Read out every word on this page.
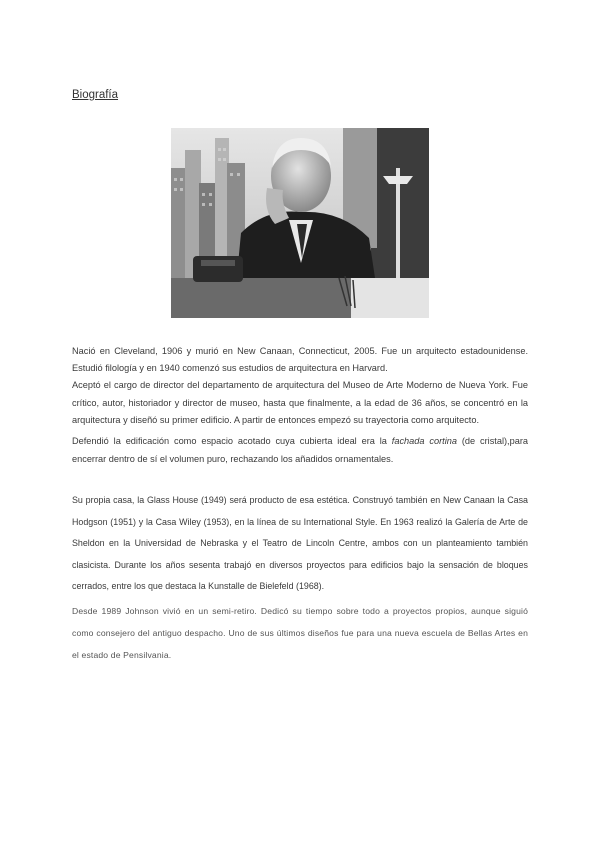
Biografía

Nació en Cleveland, 1906 y murió en New Canaan, Connecticut, 2005. Fue un arquitecto estadounidense. Estudió filología y en 1940 comenzó sus estudios de arquitectura en Harvard.
Aceptó el cargo de director del departamento de arquitectura del Museo de Arte Moderno de Nueva York. Fue crítico, autor, historiador y director de museo, hasta que finalmente, a la edad de 36 años, se concentró en la arquitectura y diseñó su primer edificio. A partir de entonces empezó su trayectoria como arquitecto.

Defendió la edificación como espacio acotado cuya cubierta ideal era la fachada cortina (de cristal),para encerrar dentro de sí el volumen puro, rechazando los añadidos ornamentales.

Su propia casa, la Glass House (1949) será producto de esa estética. Construyó también en New Canaan la Casa Hodgson (1951) y la Casa Wiley (1953), en la línea de su International Style. En 1963 realizó la Galería de Arte de Sheldon en la Universidad de Nebraska y el Teatro de Lincoln Centre, ambos con un planteamiento también clasicista. Durante los años sesenta trabajó en diversos proyectos para edificios bajo la sensación de bloques cerrados, entre los que destaca la Kunstalle de Bielefeld (1968).

Desde 1989 Johnson vivió en un semi-retiro. Dedicó su tiempo sobre todo a proyectos propios, aunque siguió como consejero del antiguo despacho. Uno de sus últimos diseños fue para una nueva escuela de Bellas Artes en el estado de Pensilvania.
